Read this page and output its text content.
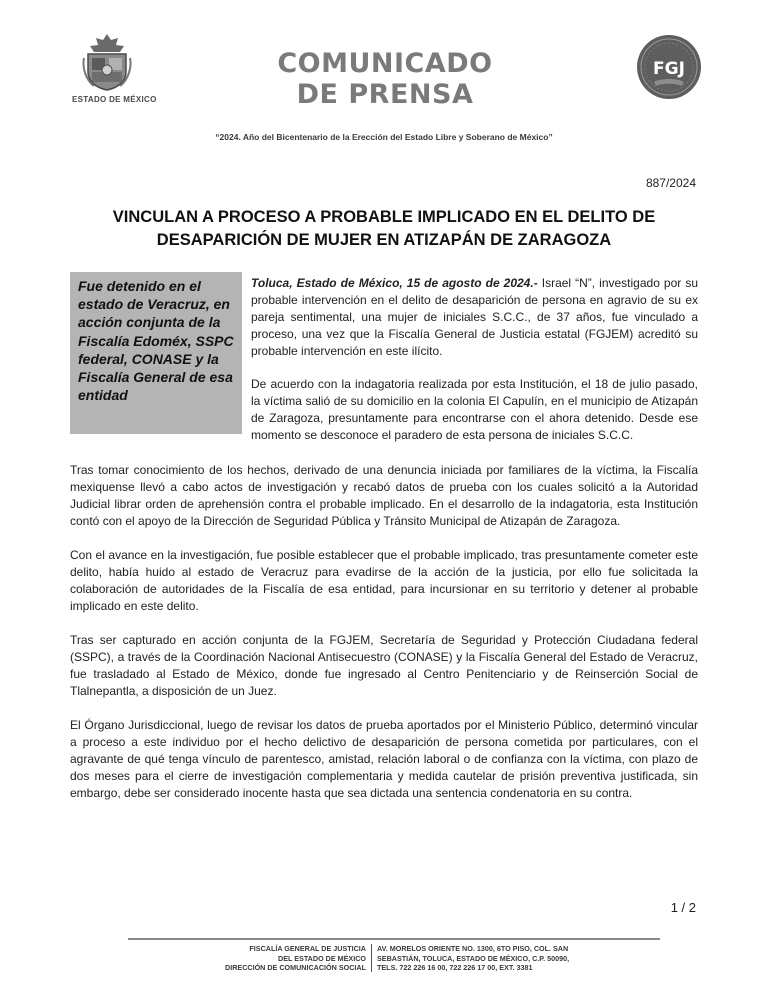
ESTADO DE MÉXICO
COMUNICADO
DE PRENSA
FGJ
“2024. Año del Bicentenario de la Erección del Estado Libre y Soberano de México”
887/2024
VINCULAN A PROCESO A PROBABLE IMPLICADO EN EL DELITO DE DESAPARICIÓN DE MUJER EN ATIZAPÁN DE ZARAGOZA

Fue detenido en el estado de Veracruz, en acción conjunta de la Fiscalía Edoméx, SSPC federal, CONASE y la Fiscalía General de esa entidad

Toluca, Estado de México, 15 de agosto de 2024.- Israel “N”, investigado por su probable intervención en el delito de desaparición de persona en agravio de su ex pareja sentimental, una mujer de iniciales S.C.C., de 37 años, fue vinculado a proceso, una vez que la Fiscalía General de Justicia estatal (FGJEM) acreditó su probable intervención en este ilícito.

De acuerdo con la indagatoria realizada por esta Institución, el 18 de julio pasado, la víctima salió de su domicilio en la colonia El Capulín, en el municipio de Atizapán de Zaragoza, presuntamente para encontrarse con el ahora detenido. Desde ese momento se desconoce el paradero de esta persona de iniciales S.C.C.

Tras tomar conocimiento de los hechos, derivado de una denuncia iniciada por familiares de la víctima, la Fiscalía mexiquense llevó a cabo actos de investigación y recabó datos de prueba con los cuales solicitó a la Autoridad Judicial librar orden de aprehensión contra el probable implicado. En el desarrollo de la indagatoria, esta Institución contó con el apoyo de la Dirección de Seguridad Pública y Tránsito Municipal de Atizapán de Zaragoza.

Con el avance en la investigación, fue posible establecer que el probable implicado, tras presuntamente cometer este delito, había huido al estado de Veracruz para evadirse de la acción de la justicia, por ello fue solicitada la colaboración de autoridades de la Fiscalía de esa entidad, para incursionar en su territorio y detener al probable implicado en este delito.

Tras ser capturado en acción conjunta de la FGJEM, Secretaría de Seguridad y Protección Ciudadana federal (SSPC), a través de la Coordinación Nacional Antisecuestro (CONASE) y la Fiscalía General del Estado de Veracruz, fue trasladado al Estado de México, donde fue ingresado al Centro Penitenciario y de Reinserción Social de Tlalnepantla, a disposición de un Juez.

El Órgano Jurisdiccional, luego de revisar los datos de prueba aportados por el Ministerio Público, determinó vincular a proceso a este individuo por el hecho delictivo de desaparición de persona cometida por particulares, con el agravante de qué tenga vínculo de parentesco, amistad, relación laboral o de confianza con la víctima, con plazo de dos meses para el cierre de investigación complementaria y medida cautelar de prisión preventiva justificada, sin embargo, debe ser considerado inocente hasta que sea dictada una sentencia condenatoria en su contra.

1 / 2
FISCALÍA GENERAL DE JUSTICIA
DEL ESTADO DE MÉXICO
DIRECCIÓN DE COMUNICACIÓN SOCIAL
AV. MORELOS ORIENTE NO. 1300, 6TO PISO, COL. SAN
SEBASTIÁN, TOLUCA, ESTADO DE MÉXICO, C.P. 50090,
TELS. 722 226 16 00, 722 226 17 00, EXT. 3381
